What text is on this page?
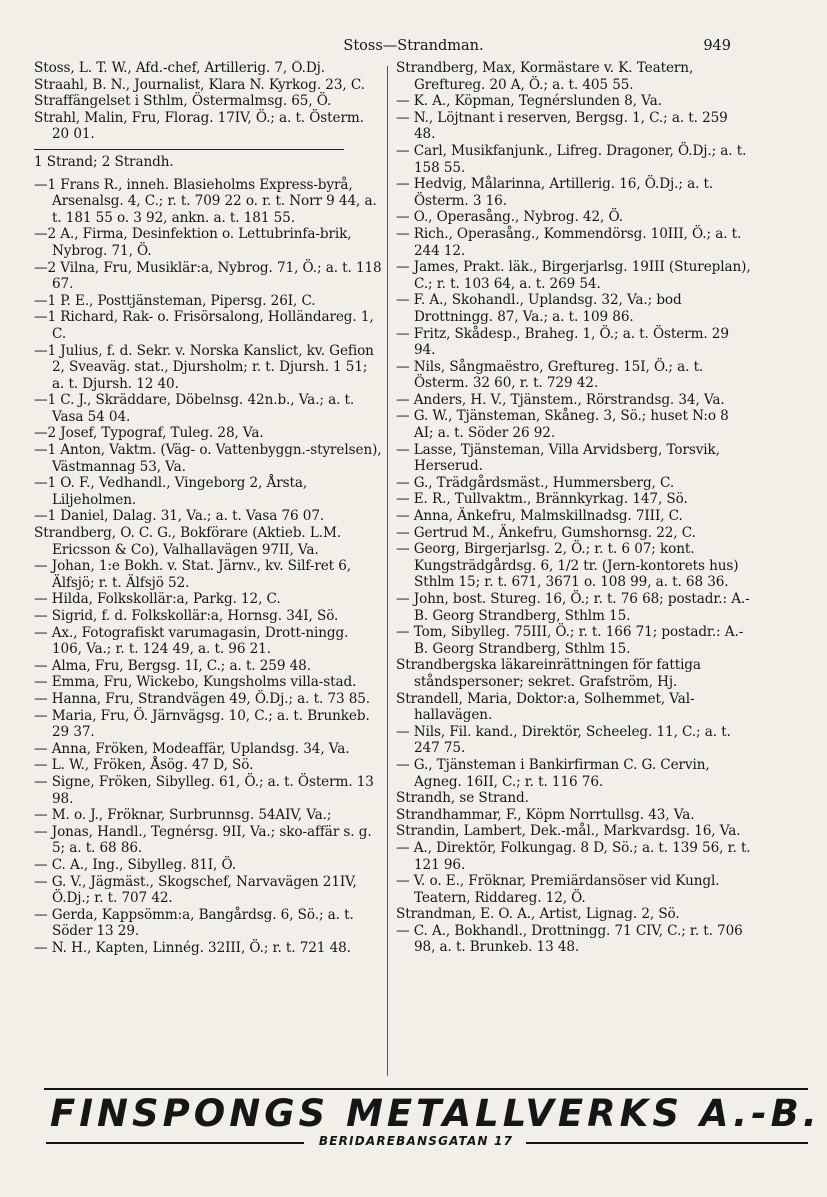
Stoss—Strandman.	949

Stoss, L. T. W., Afd.-chef, Artillerig. 7, Ö.Dj.

Straahl, B. N., Journalist, Klara N. Kyrkog. 23, C.

Straffängelset i Sthlm, Östermalmsg. 65, Ö.

Strahl, Malin, Fru, Florag. 17IV, Ö.; a. t. Österm. 20 01.

1 Strand; 2 Strandh.

—1 Frans R., inneh. Blasieholms Express-byrå, Arsenalsg. 4, C.; r. t. 709 22 o. r. t. Norr 9 44, a. t. 181 55 o. 3 92, ankn. a. t. 181 55.

—2 A., Firma, Desinfektion o. Lettubrinfa-brik, Nybrog. 71, Ö.

—2 Vilna, Fru, Musiklär:a, Nybrog. 71, Ö.; a. t. 118 67.

—1 P. E., Posttjänsteman, Pipersg. 26I, C.

—1 Richard, Rak- o. Frisörsalong, Holländareg. 1, C.

—1 Julius, f. d. Sekr. v. Norska Kanslict, kv. Gefion 2, Sveaväg. stat., Djursholm; r. t. Djursh. 1 51; a. t. Djursh. 12 40.

—1 C. J., Skräddare, Döbelnsg. 42n.b., Va.; a. t. Vasa 54 04.

—2 Josef, Typograf, Tuleg. 28, Va.

—1 Anton, Vaktm. (Väg- o. Vattenbyggn.-styrelsen), Västmannag 53, Va.

—1 O. F., Vedhandl., Vingeborg 2, Årsta, Liljeholmen.

—1 Daniel, Dalag. 31, Va.; a. t. Vasa 76 07.

Strandberg, O. C. G., Bokförare (Aktieb. L.M. Ericsson & Co), Valhallavägen 97II, Va.

— Johan, 1:e Bokh. v. Stat. Järnv., kv. Silf-ret 6, Älfsjö; r. t. Älfsjö 52.

— Hilda, Folkskollär:a, Parkg. 12, C.

— Sigrid, f. d. Folkskollär:a, Hornsg. 34I, Sö.

— Ax., Fotografiskt varumagasin, Drott-ningg. 106, Va.; r. t. 124 49, a. t. 96 21.

— Alma, Fru, Bergsg. 1I, C.; a. t. 259 48.

— Emma, Fru, Wickebo, Kungsholms villa-stad.

— Hanna, Fru, Strandvägen 49, Ö.Dj.; a. t. 73 85.

— Maria, Fru, Ö. Järnvägsg. 10, C.; a. t. Brunkeb. 29 37.

— Anna, Fröken, Modeaffär, Uplandsg. 34, Va.

— L. W., Fröken, Åsög. 47 D, Sö.

— Signe, Fröken, Sibylleg. 61, Ö.; a. t. Österm. 13 98.

— M. o. J., Fröknar, Surbrunnsg. 54AIV, Va.;

— Jonas, Handl., Tegnérsg. 9II, Va.; sko-affär s. g. 5; a. t. 68 86.

— C. A., Ing., Sibylleg. 81I, Ö.

— G. V., Jägmäst., Skogschef, Narvavägen 21IV, Ö.Dj.; r. t. 707 42.

— Gerda, Kappsömm:a, Bangårdsg. 6, Sö.; a. t. Söder 13 29.

— N. H., Kapten, Linnég. 32III, Ö.; r. t. 721 48.

Strandberg, Max, Kormästare v. K. Teatern, Greftureg. 20 A, Ö.; a. t. 405 55.

— K. A., Köpman, Tegnérslunden 8, Va.

— N., Löjtnant i reserven, Bergsg. 1, C.; a. t. 259 48.

— Carl, Musikfanjunk., Lifreg. Dragoner, Ö.Dj.; a. t. 158 55.

— Hedvig, Målarinna, Artillerig. 16, Ö.Dj.; a. t. Österm. 3 16.

— O., Operasång., Nybrog. 42, Ö.

— Rich., Operasång., Kommendörsg. 10III, Ö.; a. t. 244 12.

— James, Prakt. läk., Birgerjarlsg. 19III (Stureplan), C.; r. t. 103 64, a. t. 269 54.

— F. A., Skohandl., Uplandsg. 32, Va.; bod Drottningg. 87, Va.; a. t. 109 86.

— Fritz, Skådesp., Braheg. 1, Ö.; a. t. Österm. 29 94.

— Nils, Sångmaëstro, Greftureg. 15I, Ö.; a. t. Österm. 32 60, r. t. 729 42.

— Anders, H. V., Tjänstem., Rörstrandsg. 34, Va.

— G. W., Tjänsteman, Skåneg. 3, Sö.; huset N:o 8 AI; a. t. Söder 26 92.

— Lasse, Tjänsteman, Villa Arvidsberg, Torsvik, Herserud.

— G., Trädgårdsmäst., Hummersberg, C.

— E. R., Tullvaktm., Brännkyrkag. 147, Sö.

— Anna, Änkefru, Malmskillnadsg. 7III, C.

— Gertrud M., Änkefru, Gumshornsg. 22, C.

— Georg, Birgerjarlsg. 2, Ö.; r. t. 6 07; kont. Kungsträdgårdsg. 6, 1/2 tr. (Jern-kontorets hus) Sthlm 15; r. t. 671, 3671 o. 108 99, a. t. 68 36.

— John, bost. Stureg. 16, Ö.; r. t. 76 68; postadr.: A.-B. Georg Strandberg, Sthlm 15.

— Tom, Sibylleg. 75III, Ö.; r. t. 166 71; postadr.: A.-B. Georg Strandberg, Sthlm 15.

Strandbergska läkareinrättningen för fattiga ståndspersoner; sekret. Grafström, Hj.

Strandell, Maria, Doktor:a, Solhemmet, Val-hallavägen.

— Nils, Fil. kand., Direktör, Scheeleg. 11, C.; a. t. 247 75.

— G., Tjänsteman i Bankirfirman C. G. Cervin, Agneg. 16II, C.; r. t. 116 76.

Strandh, se Strand.

Strandhammar, F., Köpm Norrtullsg. 43, Va.

Strandin, Lambert, Dek.-mål., Markvardsg. 16, Va.

— A., Direktör, Folkungag. 8 D, Sö.; a. t. 139 56, r. t. 121 96.

— V. o. E., Fröknar, Premiärdansöser vid Kungl. Teatern, Riddareg. 12, Ö.

Strandman, E. O. A., Artist, Lignag. 2, Sö.

— C. A., Bokhandl., Drottningg. 71 CIV, C.; r. t. 706 98, a. t. Brunkeb. 13 48.

FINSPONGS METALLVERKS A.-B.
BERIDAREBANSGATAN 17
